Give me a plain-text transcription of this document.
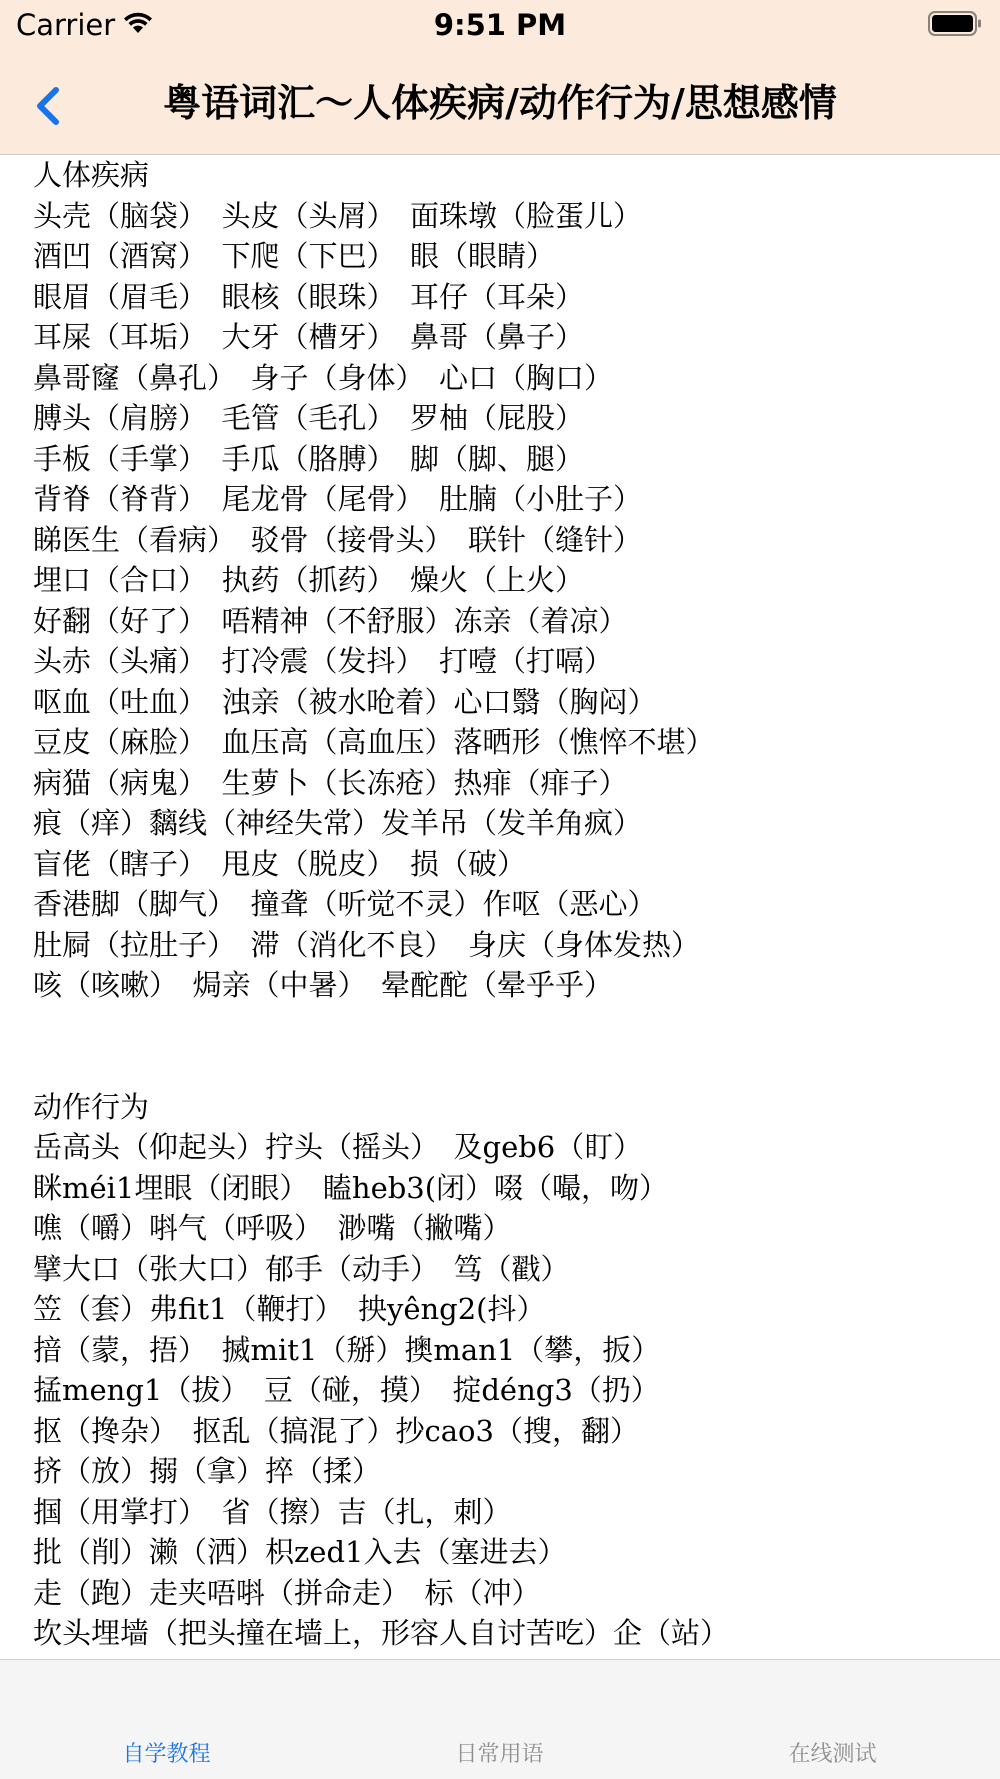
Carrier	9:51 PM
粤语词汇～人体疾病/动作行为/思想感情
人体疾病
头壳（脑袋）　头皮（头屑）　面珠墩（脸蛋儿）
酒凹（酒窝）　下爬（下巴）　眼（眼睛）
眼眉（眉毛）　眼核（眼珠）　耳仔（耳朵）
耳屎（耳垢）　大牙（槽牙）　鼻哥（鼻子）
鼻哥窿（鼻孔）　身子（身体）　心口（胸口）
膊头（肩膀）　毛管（毛孔）　罗柚（屁股）
手板（手掌）　手瓜（胳膊）　脚（脚、腿）
背脊（脊背）　尾龙骨（尾骨）　肚腩（小肚子）
睇医生（看病）　驳骨（接骨头）　联针（缝针）
埋口（合口）　执药（抓药）　燥火（上火）
好翻（好了）　唔精神（不舒服）冻亲（着凉）
头赤（头痛）　打冷震（发抖）　打噎（打嗝）
呕血（吐血）　浊亲（被水呛着）心口翳（胸闷）
豆皮（麻脸）　血压高（高血压）落晒形（憔悴不堪）
病猫（病鬼）　生萝卜（长冻疮）热痱（痱子）
痕（痒）黐线（神经失常）发羊吊（发羊角疯）
盲佬（瞎子）　甩皮（脱皮）　损（破）
香港脚（脚气）　撞聋（听觉不灵）作呕（恶心）
肚屙（拉肚子）　滞（消化不良）　身庆（身体发热）
咳（咳嗽）　焗亲（中暑）　晕酡酡（晕乎乎）
动作行为
岳高头（仰起头）拧头（摇头）　及geb6（盯）
眯méi1埋眼（闭眼）　瞌heb3(闭）啜（嘬，吻）
噍（嚼）唞气（呼吸）　渺嘴（撇嘴）
擘大口（张大口）郁手（动手）　笃（戳）
笠（套）弗fit1（鞭打）　抰yêng2(抖）
揞（蒙，捂）　搣mit1（掰）擙man1（攀，扳）
掹meng1（拔）　豆（碰，摸）　掟déng3（扔）
抠（搀杂）　抠乱（搞混了）抄cao3（搜，翻）
挤（放）搦（拿）捽（揉）
掴（用掌打）　省（擦）吉（扎，刺）
批（削）濑（洒）枳zed1入去（塞进去）
走（跑）走夹唔唞（拼命走）　标（冲）
坎头埋墙（把头撞在墙上，形容人自讨苦吃）企（站）
自学教程	日常用语	在线测试
